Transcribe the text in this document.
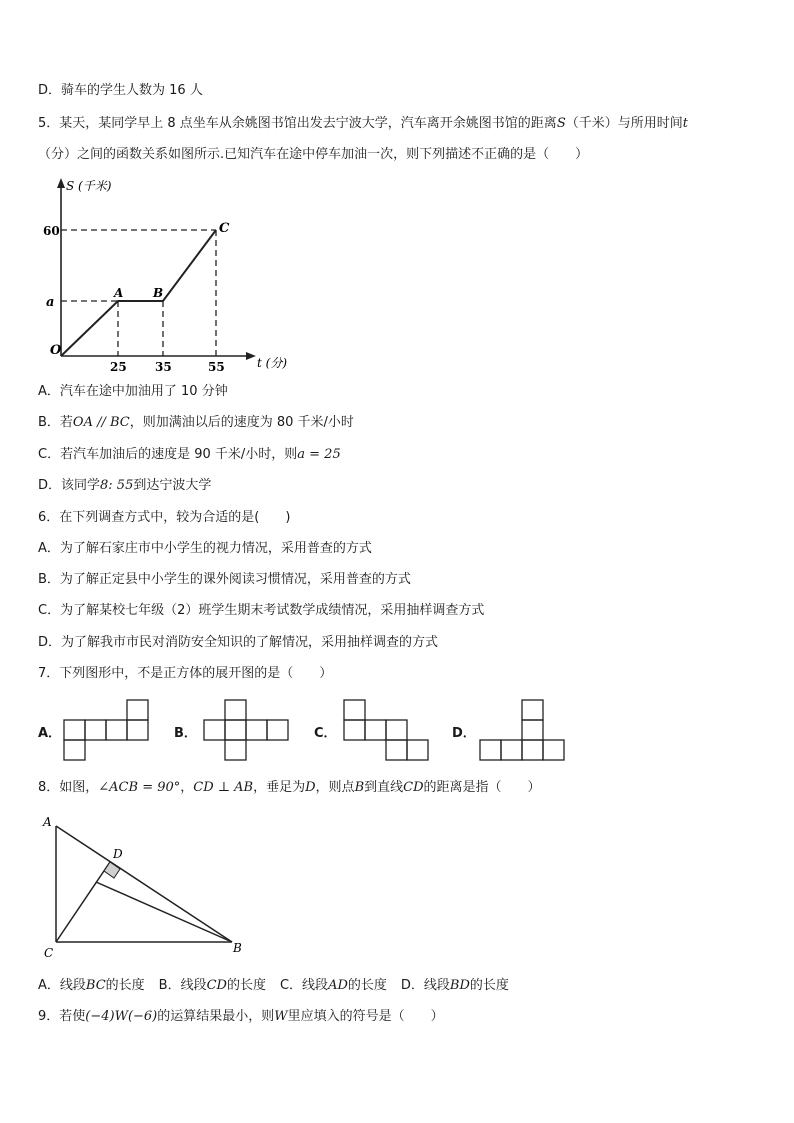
D．骑车的学生人数为 16 人
5．某天，某同学早上 8 点坐车从余姚图书馆出发去宁波大学，汽车离开余姚图书馆的距离S（千米）与所用时间t
（分）之间的函数关系如图所示.已知汽车在途中停车加油一次，则下列描述不正确的是（　　）
S (千米)
t (分)
O
60
a
25 35	55
A B
C
A．汽车在途中加油用了 10 分钟
B．若OA // BC，则加满油以后的速度为 80 千米/小时
C．若汽车加油后的速度是 90 千米/小时，则a = 25
D．该同学8: 55到达宁波大学
6．在下列调查方式中，较为合适的是(　　)
A．为了解石家庄市中小学生的视力情况，采用普查的方式
B．为了解正定县中小学生的课外阅读习惯情况，采用普查的方式
C．为了解某校七年级（2）班学生期末考试数学成绩情况，采用抽样调查方式
D．为了解我市市民对消防安全知识的了解情况，采用抽样调查的方式
7．下列图形中，不是正方体的展开图的是（　　）
A．	B．	C．	D．
8．如图，∠ACB = 90°，CD ⊥ AB，垂足为D，则点B到直线CD的距离是指（　　）
A
D
C	B
A．线段BC的长度 B．线段CD的长度 C．线段AD的长度 D．线段BD的长度
9．若使(−4)W(−6)的运算结果最小，则W里应填入的符号是（　　）
